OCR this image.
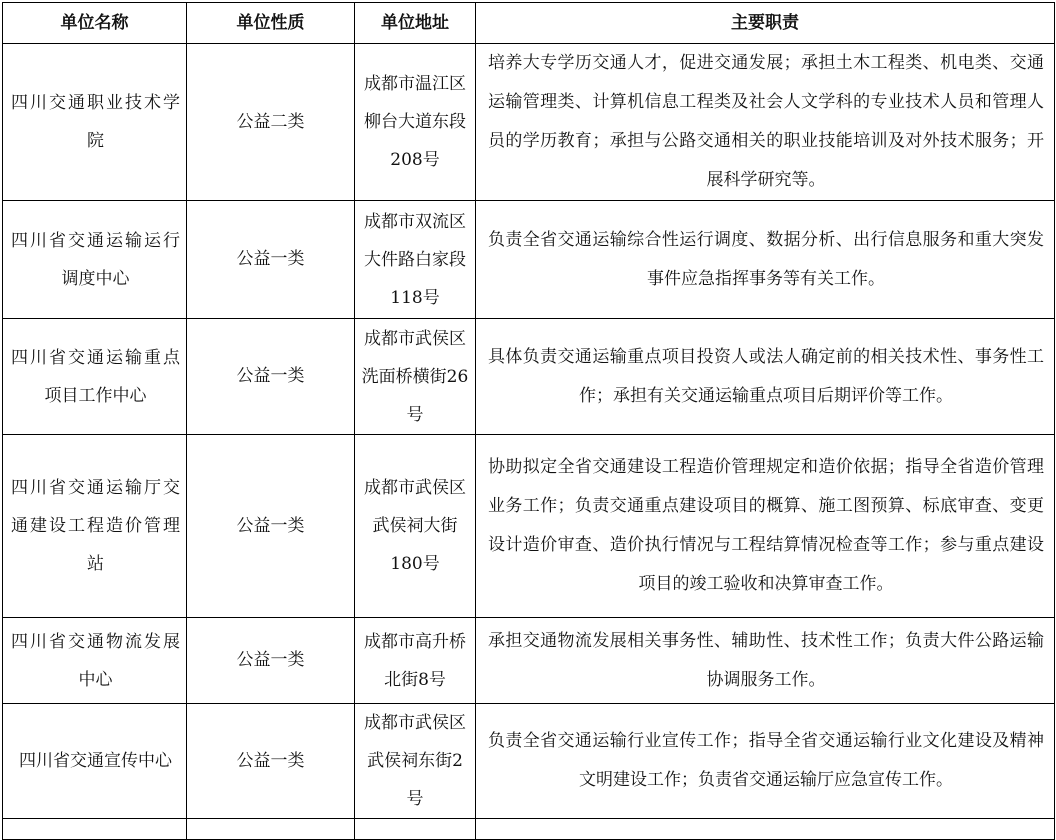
单位名称	单位性质	单位地址	主要职责
四川交通职业技术学院	公益二类	成都市温江区柳台大道东段208号	培养大专学历交通人才，促进交通发展；承担土木工程类、机电类、交通运输管理类、计算机信息工程类及社会人文学科的专业技术人员和管理人员的学历教育；承担与公路交通相关的职业技能培训及对外技术服务；开展科学研究等。
四川省交通运输运行调度中心	公益一类	成都市双流区大件路白家段118号	负责全省交通运输综合性运行调度、数据分析、出行信息服务和重大突发事件应急指挥事务等有关工作。
四川省交通运输重点项目工作中心	公益一类	成都市武侯区洗面桥横街26号	具体负责交通运输重点项目投资人或法人确定前的相关技术性、事务性工作；承担有关交通运输重点项目后期评价等工作。
四川省交通运输厅交通建设工程造价管理站	公益一类	成都市武侯区武侯祠大街180号	协助拟定全省交通建设工程造价管理规定和造价依据；指导全省造价管理业务工作；负责交通重点建设项目的概算、施工图预算、标底审查、变更设计造价审查、造价执行情况与工程结算情况检查等工作；参与重点建设项目的竣工验收和决算审查工作。
四川省交通物流发展中心	公益一类	成都市高升桥北街8号	承担交通物流发展相关事务性、辅助性、技术性工作；负责大件公路运输协调服务工作。
四川省交通宣传中心	公益一类	成都市武侯区武侯祠东街2号	负责全省交通运输行业宣传工作；指导全省交通运输行业文化建设及精神文明建设工作；负责省交通运输厅应急宣传工作。
